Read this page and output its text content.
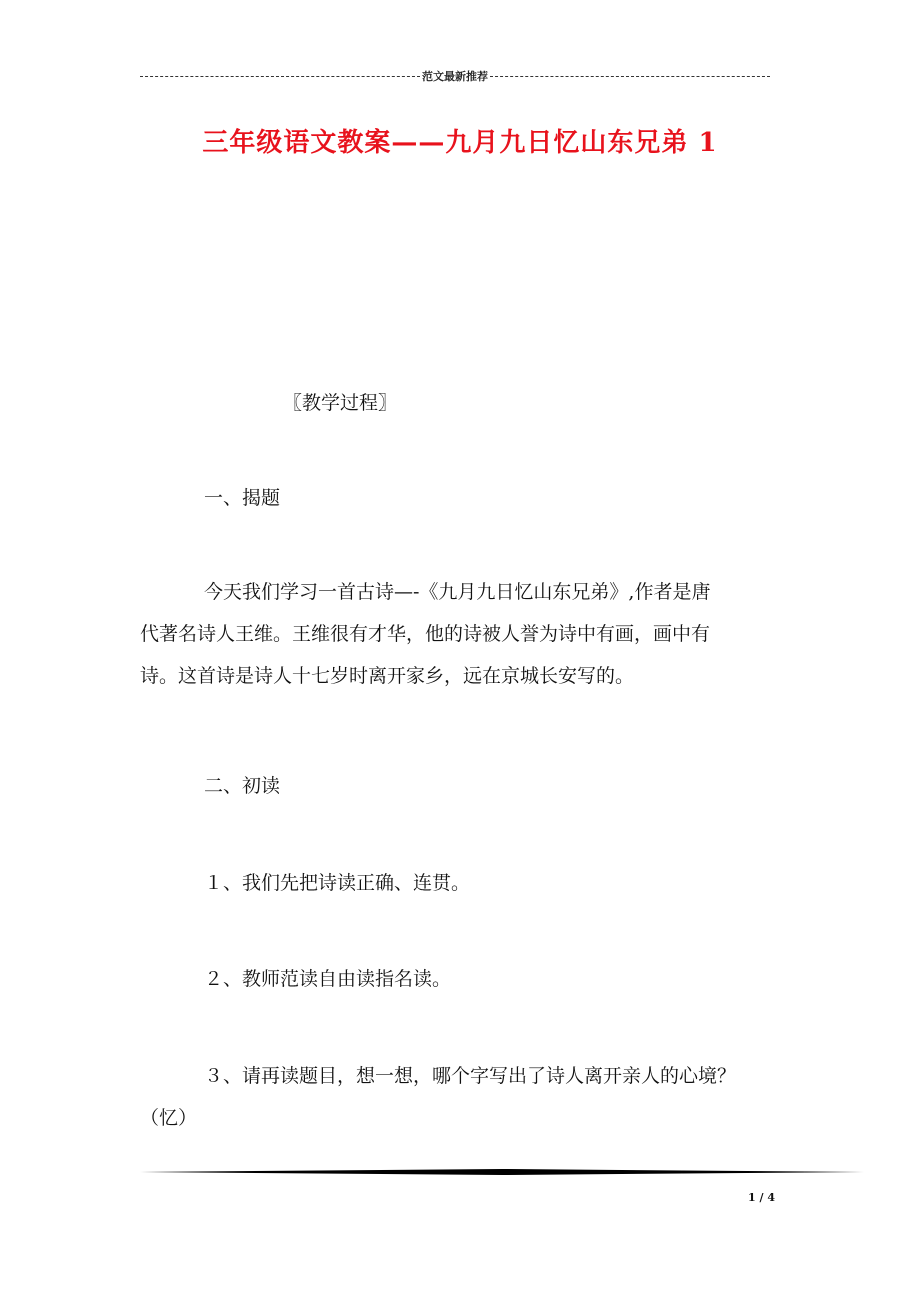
范文最新推荐
三年级语文教案——九月九日忆山东兄弟 1
〖教学过程〗
一、揭题
今天我们学习一首古诗—-《九月九日忆山东兄弟》,作者是唐
代著名诗人王维。王维很有才华，他的诗被人誉为诗中有画，画中有
诗。这首诗是诗人十七岁时离开家乡，远在京城长安写的。
二、初读
１、我们先把诗读正确、连贯。
２、教师范读自由读指名读。
３、请再读题目，想一想，哪个字写出了诗人离开亲人的心境？
（忆）
1 / 4
